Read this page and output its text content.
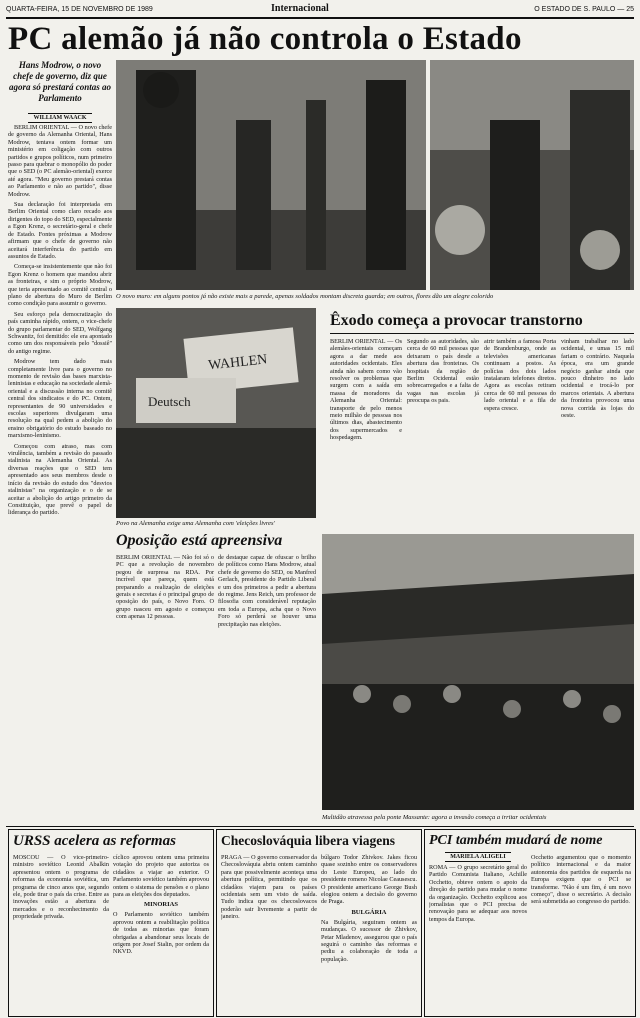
QUARTA-FEIRA, 15 DE NOVEMBRO DE 1989	Internacional	O ESTADO DE S. PAULO — 25
PC alemão já não controla o Estado
Hans Modrow, o novo chefe de governo, diz que agora só prestará contas ao Parlamento
WILLIAM WAACK

BERLIM ORIENTAL — O novo chefe de governo da Alemanha Oriental, Hans Modrow, tentava ontem formar um ministério em coligação com outros partidos e grupos políticos, num primeiro passo para quebrar o monopólio do poder que o SED (o PC alemão-oriental) exerce até agora. "Meu governo prestará contas ao Parlamento e não ao partido", disse Modrow.

Sua declaração foi interpretada em Berlim Oriental como claro recado aos dirigentes do topo do SED, especialmente a Egon Krenz, o secretário-geral e chefe de Estado. Fontes próximas a Modrow afirmam que o chefe de governo não aceitará interferência do partido em assuntos de Estado.

Começa-se insistentemente que não foi Egon Krenz o homem que mandou abrir as fronteiras, e sim o próprio Modrow, que teria apresentado ao comitê central o plano de abertura do Muro de Berlim como condição para assumir o governo.

Seu esforço pela democratização do país caminha rápido, ontem, o vice-chefe do grupo parlamentar do SED, Wolfgang Schwanitz, foi demitido: ele era apontado como um dos responsáveis pelo "dossiê" do antigo regime.

Modrow tem dado mais completamente livre para o governo no momento de revisão das bases marxista-leninistas e educação na sociedade alemã-oriental e a discussão interna no comitê central dos sindicatos e do PC. Ontem, representantes de 90 universidades e escolas superiores divulgaram uma resolução na qual pedem a abolição do ensino obrigatório do estudo baseado no marxismo-leninismo.

Começou com atraso, mas com virulência, também a revisão do passado stalinista na Alemanha Oriental. As diversas reações que o SED tem apresentado aos seus membros desde o início da revisão do estudo dos "desvios stalinistas" na organização e o de se aceitar a abolição do artigo primeiro da Constituição, que prevê o papel de liderança do partido.

O novo muro: em alguns pontos já não existe mais a parede, apenas soldados montam discreta guarda; em outros, flores dão um alegre colorido
WAHLEN
Deutsch
Povo na Alemanha exige uma Alemanha com 'eleições livres'
Êxodo começa a provocar transtorno
BERLIM ORIENTAL — Os alemães-orientais começam agora a dar mede aos autoridades ocidentais. Eles ainda não sabem como vão resolver os problemas que surgem com a saída em massa de moradores da Alemanha Oriental: transporte de pelo menos meio milhão de pessoas nos últimos dias, abastecimento dos supermercados e hospedagem.
Segundo as autoridades, são cerca de 60 mil pessoas que deixaram o país desde a abertura das fronteiras. Os hospitais da região de Berlim Ocidental estão sobrecarregados e a falta de vagas nas escolas já preocupa os pais.
atrir também a famosa Porta de Brandenburgo, onde as televisões americanas continuam a postos. As polícias dos dois lados instalaram telefones diretos. Agora as escolas retiram cerca de 60 mil pessoas do lado oriental e a fila de espera cresce.
vinham trabalhar no lado ocidental, e umas 15 mil fariam o contrário. Naquela época, era um grande negócio ganhar ainda que pouco dinheiro no lado ocidental e trocá-lo por marcos orientais. A abertura da fronteira provocou uma nova corrida às lojas do oeste.
Oposição está apreensiva
BERLIM ORIENTAL — Não foi só o PC que a revolução de novembro pegou de surpresa na RDA. Por incrível que pareça, quem está preparando a realização de eleições gerais e secretas é o principal grupo de oposição do país, o Novo Foro. O grupo nasceu em agosto e começou com apenas 12 pessoas.
de destaque capaz de ofuscar o brilho de políticos como Hans Modrow, atual chefe de governo do SED, ou Manfred Gerlach, presidente do Partido Liberal e um dos primeiros a pedir a abertura do regime. Jens Reich, um professor de filosofia com considerável reputação em toda a Europa, acha que o Novo Foro só perderá se houver uma precipitação nas eleições.
Multidão atravessa pela ponte Massante: agora a invasão começa a irritar ocidentais
URSS acelera as reformas
MOSCOU — O vice-primeiro-ministro soviético Leonid Abalkin apresentou ontem o programa de reformas da economia soviética, um programa de cinco anos que, segundo ele, pode tirar o país da crise. Entre as inovações estão a abertura de mercados e o reconhecimento da propriedade privada.
cíclico aprovou ontem uma primeira votação do projeto que autoriza os cidadãos a viajar ao exterior. O Parlamento soviético também aprovou ontem o sistema de pensões e o plano para as eleições dos deputados.
MINORIAS
O Parlamento soviético também aprovou ontem a reabilitação política de todas as minorias que foram obrigadas a abandonar seus locais de origem por Josef Stalin, por ordem da NKVD.
Checoslováquia libera viagens
PRAGA — O governo conservador da Checoslováquia abriu ontem caminho para que possivelmente aconteça uma abertura política, permitindo que os cidadãos viajem para os países ocidentais sem um visto de saída. Tudo indica que os checoslovacos poderão sair livremente a partir de janeiro.
búlgaro Todor Zhivkov. Jakes ficou quase sozinho entre os conservadores do Leste Europeu, ao lado do presidente romeno Nicolae Ceausescu. O presidente americano George Bush elogiou ontem a decisão do governo de Praga.
BULGÁRIA
Na Bulgária, seguiram ontem as mudanças. O sucessor de Zhivkov, Petar Mladenov, assegurou que o país seguirá o caminho das reformas e pediu a colaboração de toda a população.
PCI também mudará de nome
MARIELA ALIGELI
ROMA — O grupo secretário geral do Partido Comunista Italiano, Achille Occhetto, obteve ontem o apoio da direção do partido para mudar o nome da organização. Occhetto explicou aos jornalistas que o PCI precisa de renovação para se adequar aos novos tempos da Europa.
Occhetto argumentou que o momento político internacional e da maior autonomia dos partidos de esquerda na Europa exigem que o PCI se transforme. "Não é um fim, é um novo começo", disse o secretário. A decisão será submetida ao congresso do partido.
